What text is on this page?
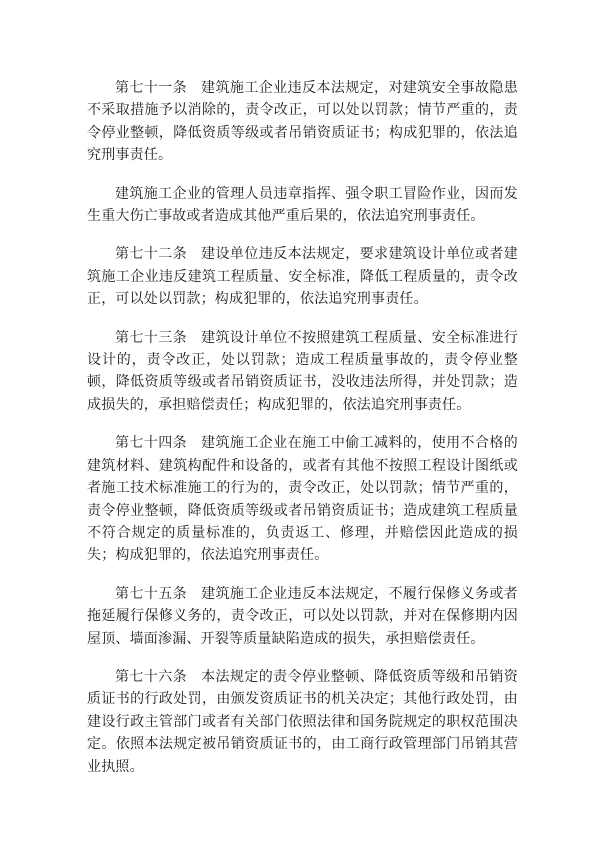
第七十一条 建筑施工企业违反本法规定，对建筑安全事故隐患不采取措施予以消除的，责令改正，可以处以罚款；情节严重的，责令停业整顿，降低资质等级或者吊销资质证书；构成犯罪的，依法追究刑事责任。

建筑施工企业的管理人员违章指挥、强令职工冒险作业，因而发生重大伤亡事故或者造成其他严重后果的，依法追究刑事责任。

第七十二条 建设单位违反本法规定，要求建筑设计单位或者建筑施工企业违反建筑工程质量、安全标准，降低工程质量的，责令改正，可以处以罚款；构成犯罪的，依法追究刑事责任。

第七十三条 建筑设计单位不按照建筑工程质量、安全标准进行设计的，责令改正，处以罚款；造成工程质量事故的，责令停业整顿，降低资质等级或者吊销资质证书，没收违法所得，并处罚款；造成损失的，承担赔偿责任；构成犯罪的，依法追究刑事责任。

第七十四条 建筑施工企业在施工中偷工减料的，使用不合格的建筑材料、建筑构配件和设备的，或者有其他不按照工程设计图纸或者施工技术标准施工的行为的，责令改正，处以罚款；情节严重的，责令停业整顿，降低资质等级或者吊销资质证书；造成建筑工程质量不符合规定的质量标准的，负责返工、修理，并赔偿因此造成的损失；构成犯罪的，依法追究刑事责任。

第七十五条 建筑施工企业违反本法规定，不履行保修义务或者拖延履行保修义务的，责令改正，可以处以罚款，并对在保修期内因屋顶、墙面渗漏、开裂等质量缺陷造成的损失，承担赔偿责任。

第七十六条 本法规定的责令停业整顿、降低资质等级和吊销资质证书的行政处罚，由颁发资质证书的机关决定；其他行政处罚，由建设行政主管部门或者有关部门依照法律和国务院规定的职权范围决定。依照本法规定被吊销资质证书的，由工商行政管理部门吊销其营业执照。
